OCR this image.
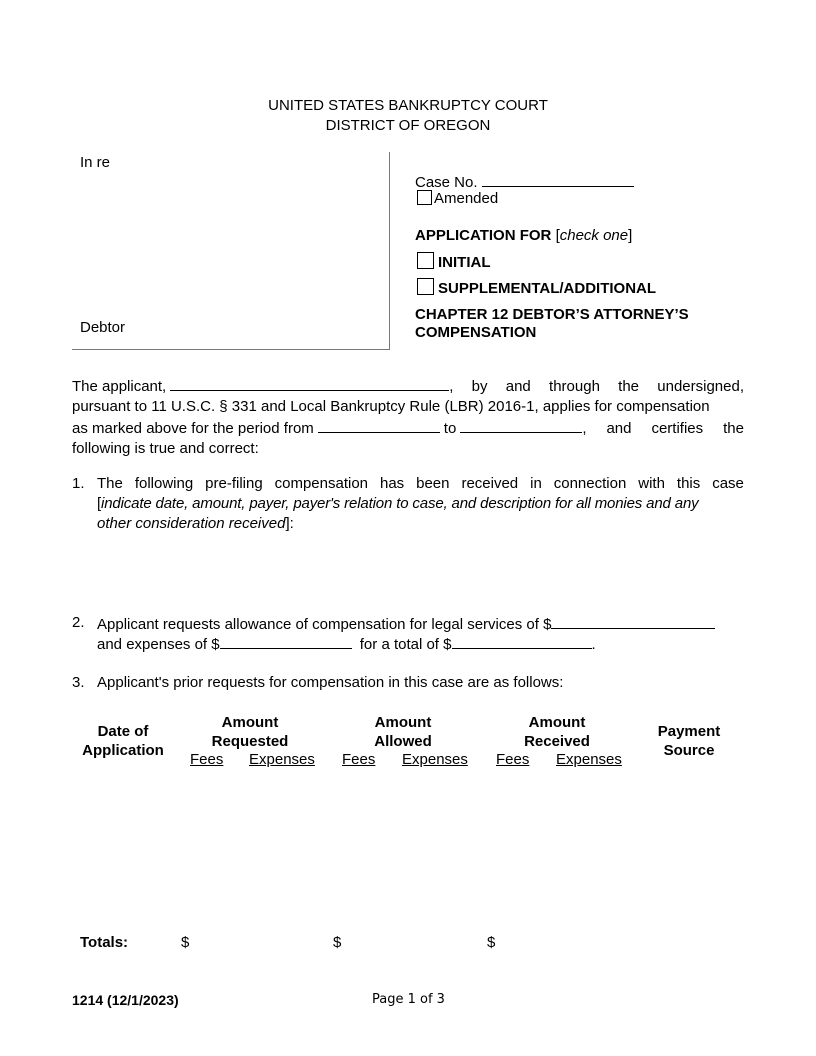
UNITED STATES BANKRUPTCY COURT
DISTRICT OF OREGON
In re
Debtor
Case No.
Amended
APPLICATION FOR [check one]
INITIAL
SUPPLEMENTAL/ADDITIONAL
CHAPTER 12 DEBTOR’S ATTORNEY’S
COMPENSATION
The applicant,	, by and through the undersigned,
pursuant to 11 U.S.C. § 331 and Local Bankruptcy Rule (LBR) 2016-1, applies for compensation
as marked above for the period from	to	, and certifies the
following is true and correct:
1. The following pre-filing compensation has been received in connection with this case
[indicate date, amount, payer, payer's relation to case, and description for all monies and any
other consideration received]:
2. Applicant requests allowance of compensation for legal services of $
and expenses of $	for a total of $	.
3. Applicant's prior requests for compensation in this case are as follows:
Date of
Application
Amount
Requested
Fees Expenses
Amount
Allowed
Fees Expenses
Amount
Received
Fees Expenses
Payment
Source
Totals:	$	$	$
1214 (12/1/2023)	Page 1 of 3
